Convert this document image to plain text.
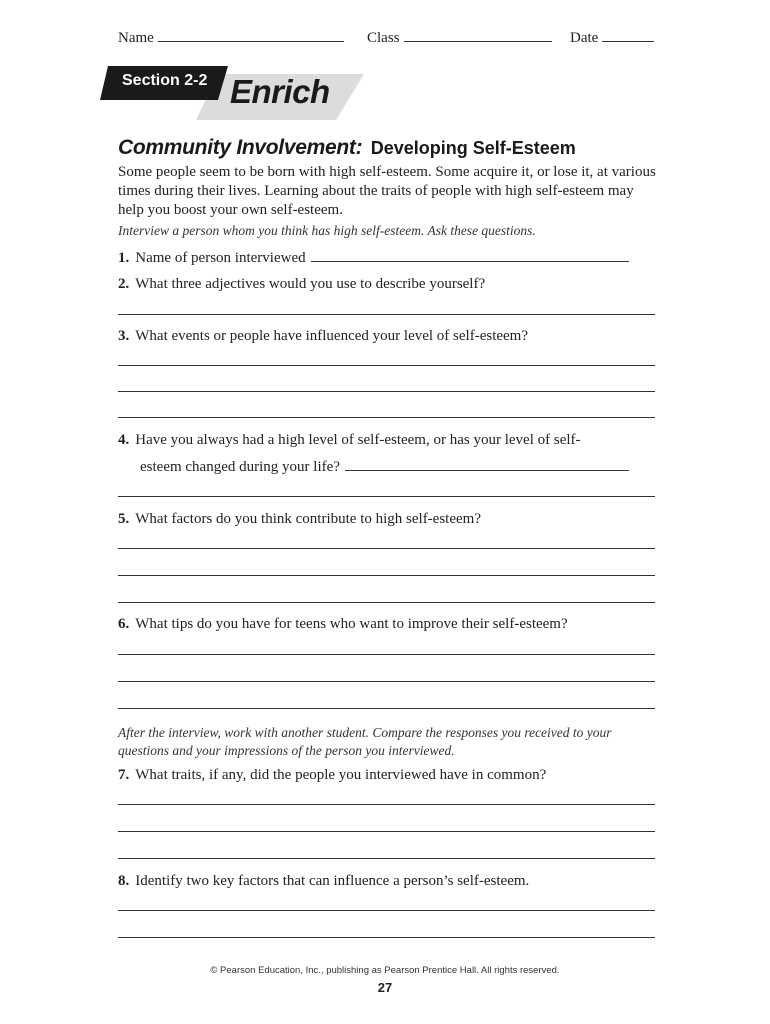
Name	Class	Date
Section 2-2 Enrich
Community Involvement: Developing Self-Esteem
Some people seem to be born with high self-esteem. Some acquire it, or lose it, at various times during their lives. Learning about the traits of people with high self-esteem may help you boost your own self-esteem.
Interview a person whom you think has high self-esteem. Ask these questions.
1. Name of person interviewed
2. What three adjectives would you use to describe yourself?
3. What events or people have influenced your level of self-esteem?
4. Have you always had a high level of self-esteem, or has your level of self-
esteem changed during your life?
5. What factors do you think contribute to high self-esteem?
6. What tips do you have for teens who want to improve their self-esteem?
After the interview, work with another student. Compare the responses you received to your questions and your impressions of the person you interviewed.
7. What traits, if any, did the people you interviewed have in common?
8. Identify two key factors that can influence a person’s self-esteem.
© Pearson Education, Inc., publishing as Pearson Prentice Hall. All rights reserved.
27
